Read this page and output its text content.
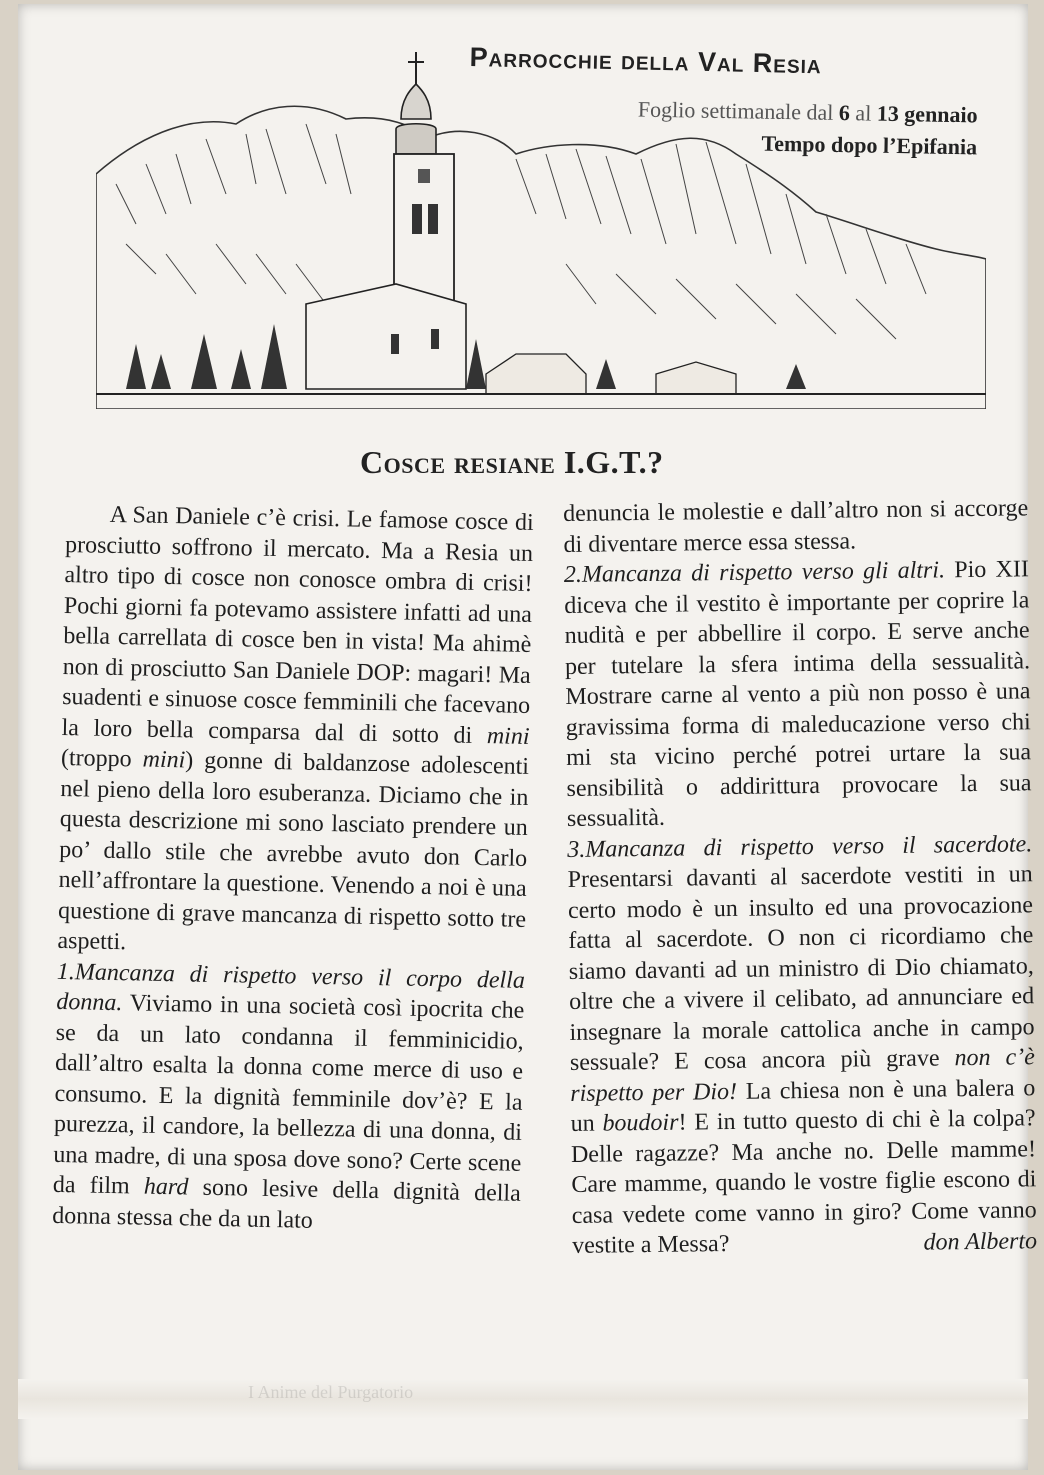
Parrocchie della Val Resia
Foglio settimanale dal 6 al 13 gennaio
Tempo dopo l’Epifania
Cosce resiane I.G.T.?

A San Daniele c’è crisi. Le famose cosce di prosciutto soffrono il mercato. Ma a Resia un altro tipo di cosce non conosce ombra di crisi! Pochi giorni fa potevamo assistere infatti ad una bella carrellata di cosce ben in vista! Ma ahimè non di prosciutto San Daniele DOP: magari! Ma suadenti e sinuose cosce femminili che facevano la loro bella comparsa dal di sotto di mini (troppo mini) gonne di baldanzose adolescenti nel pieno della loro esuberanza. Diciamo che in questa descrizione mi sono lasciato prendere un po’ dallo stile che avrebbe avuto don Carlo nell’affrontare la questione. Venendo a noi è una questione di grave mancanza di rispetto sotto tre aspetti.

1.Mancanza di rispetto verso il corpo della donna. Viviamo in una società così ipocrita che se da un lato condanna il femminicidio, dall’altro esalta la donna come merce di uso e consumo. E la dignità femminile dov’è? E la purezza, il candore, la bellezza di una donna, di una madre, di una sposa dove sono? Certe scene da film hard sono lesive della dignità della donna stessa che da un lato

denuncia le molestie e dall’altro non si accorge di diventare merce essa stessa.

2.Mancanza di rispetto verso gli altri. Pio XII diceva che il vestito è importante per coprire la nudità e per abbellire il corpo. E serve anche per tutelare la sfera intima della sessualità. Mostrare carne al vento a più non posso è una gravissima forma di maleducazione verso chi mi sta vicino perché potrei urtare la sua sensibilità o addirittura provocare la sua sessualità.

3.Mancanza di rispetto verso il sacerdote. Presentarsi davanti al sacerdote vestiti in un certo modo è un insulto ed una provocazione fatta al sacerdote. O non ci ricordiamo che siamo davanti ad un ministro di Dio chiamato, oltre che a vivere il celibato, ad annunciare ed insegnare la morale cattolica anche in campo sessuale? E cosa ancora più grave non c’è rispetto per Dio! La chiesa non è una balera o un boudoir! E in tutto questo di chi è la colpa? Delle ragazze? Ma anche no. Delle mamme! Care mamme, quando le vostre figlie escono di casa vedete come vanno in giro? Come vanno vestite a Messa?	don Alberto

I Anime del Purgatorio
